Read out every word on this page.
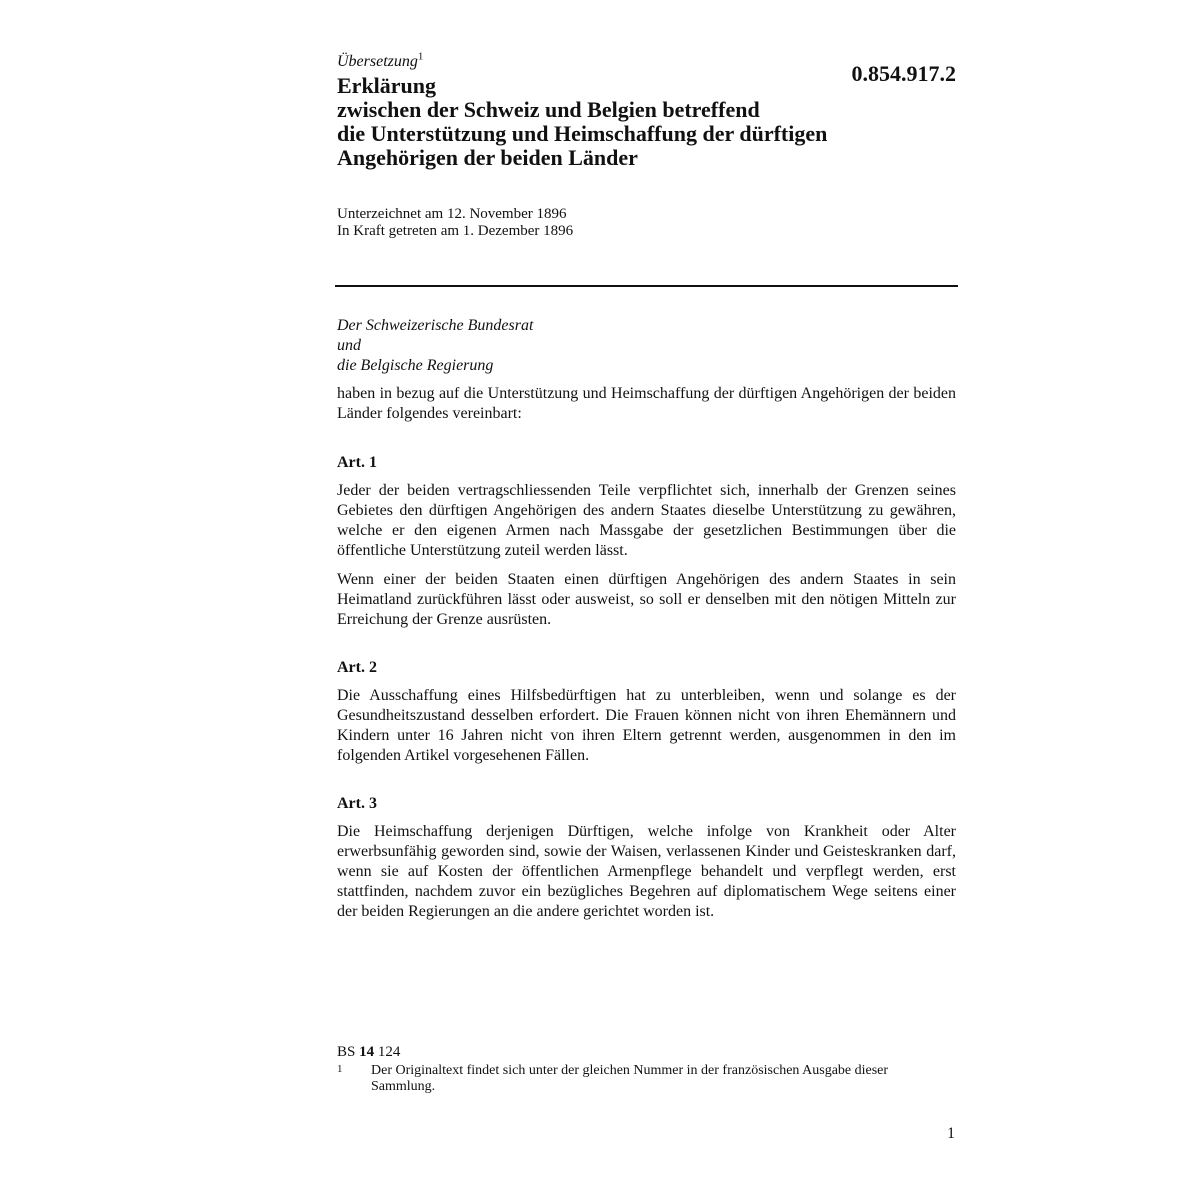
Übersetzung$^1$
0.854.917.2
Erklärung
zwischen der Schweiz und Belgien betreffend
die Unterstützung und Heimschaffung der dürftigen
Angehörigen der beiden Länder
Unterzeichnet am 12. November 1896
In Kraft getreten am 1. Dezember 1896
Der Schweizerische Bundesrat
und
die Belgische Regierung
haben in bezug auf die Unterstützung und Heimschaffung der dürftigen Angehörigen der beiden Länder folgendes vereinbart:
Art. 1
Jeder der beiden vertragschliessenden Teile verpflichtet sich, innerhalb der Grenzen seines Gebietes den dürftigen Angehörigen des andern Staates dieselbe Unterstützung zu gewähren, welche er den eigenen Armen nach Massgabe der gesetzlichen Bestimmungen über die öffentliche Unterstützung zuteil werden lässt.
Wenn einer der beiden Staaten einen dürftigen Angehörigen des andern Staates in sein Heimatland zurückführen lässt oder ausweist, so soll er denselben mit den nötigen Mitteln zur Erreichung der Grenze ausrüsten.
Art. 2
Die Ausschaffung eines Hilfsbedürftigen hat zu unterbleiben, wenn und solange es der Gesundheitszustand desselben erfordert. Die Frauen können nicht von ihren Ehemännern und Kindern unter 16 Jahren nicht von ihren Eltern getrennt werden, ausgenommen in den im folgenden Artikel vorgesehenen Fällen.
Art. 3
Die Heimschaffung derjenigen Dürftigen, welche infolge von Krankheit oder Alter erwerbsunfähig geworden sind, sowie der Waisen, verlassenen Kinder und Geisteskranken darf, wenn sie auf Kosten der öffentlichen Armenpflege behandelt und verpflegt werden, erst stattfinden, nachdem zuvor ein bezügliches Begehren auf diplomatischem Wege seitens einer der beiden Regierungen an die andere gerichtet worden ist.
BS 14 124
1 Der Originaltext findet sich unter der gleichen Nummer in der französischen Ausgabe dieser Sammlung.
1
